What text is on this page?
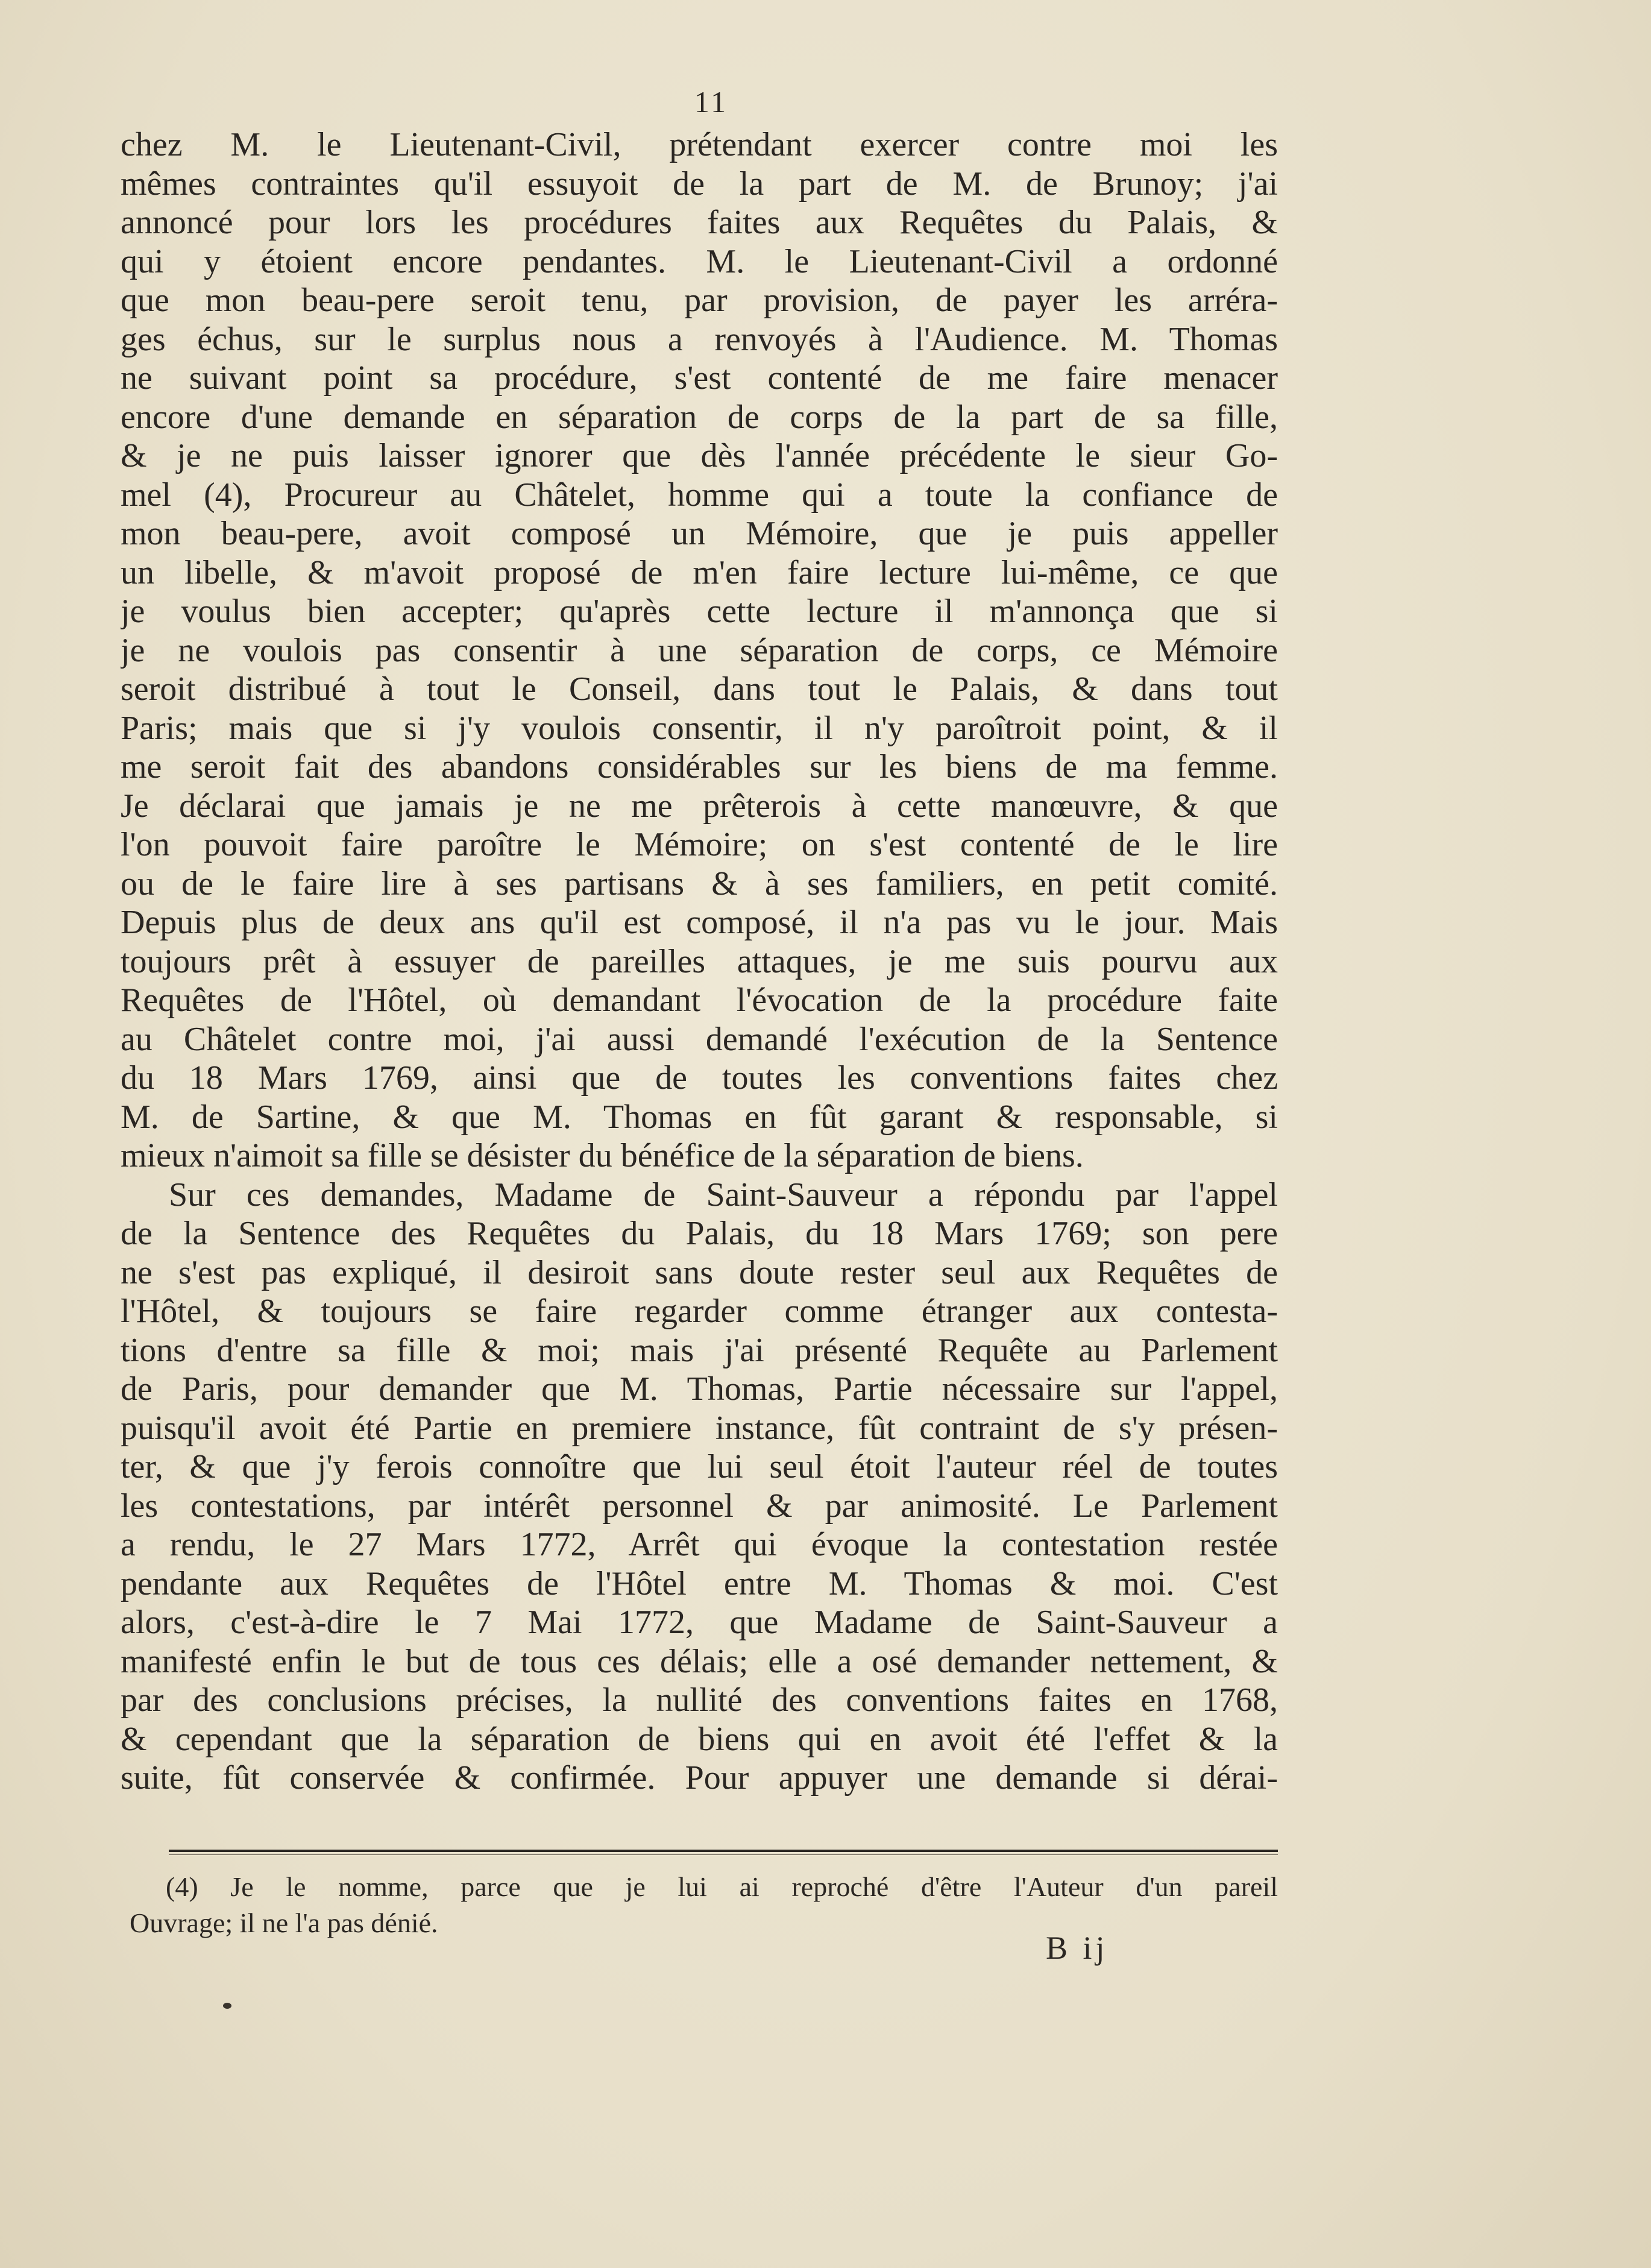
11
chez M. le Lieutenant-Civil, prétendant exercer contre moi les
mêmes contraintes qu'il essuyoit de la part de M. de Brunoy; j'ai
annoncé pour lors les procédures faites aux Requêtes du Palais, &
qui y étoient encore pendantes. M. le Lieutenant-Civil a ordonné
que mon beau-pere seroit tenu, par provision, de payer les arréra-
ges échus, sur le surplus nous a renvoyés à l'Audience. M. Thomas
ne suivant point sa procédure, s'est contenté de me faire menacer
encore d'une demande en séparation de corps de la part de sa fille,
& je ne puis laisser ignorer que dès l'année précédente le sieur Go-
mel (4), Procureur au Châtelet, homme qui a toute la confiance de
mon beau-pere, avoit composé un Mémoire, que je puis appeller
un libelle, & m'avoit proposé de m'en faire lecture lui-même, ce que
je voulus bien accepter; qu'après cette lecture il m'annonça que si
je ne voulois pas consentir à une séparation de corps, ce Mémoire
seroit distribué à tout le Conseil, dans tout le Palais, & dans tout
Paris; mais que si j'y voulois consentir, il n'y paroîtroit point, & il
me seroit fait des abandons considérables sur les biens de ma femme.
Je déclarai que jamais je ne me prêterois à cette manœuvre, & que
l'on pouvoit faire paroître le Mémoire; on s'est contenté de le lire
ou de le faire lire à ses partisans & à ses familiers, en petit comité.
Depuis plus de deux ans qu'il est composé, il n'a pas vu le jour. Mais
toujours prêt à essuyer de pareilles attaques, je me suis pourvu aux
Requêtes de l'Hôtel, où demandant l'évocation de la procédure faite
au Châtelet contre moi, j'ai aussi demandé l'exécution de la Sentence
du 18 Mars 1769, ainsi que de toutes les conventions faites chez
M. de Sartine, & que M. Thomas en fût garant & responsable, si
mieux n'aimoit sa fille se désister du bénéfice de la séparation de biens.
Sur ces demandes, Madame de Saint-Sauveur a répondu par l'appel
de la Sentence des Requêtes du Palais, du 18 Mars 1769; son pere
ne s'est pas expliqué, il desiroit sans doute rester seul aux Requêtes de
l'Hôtel, & toujours se faire regarder comme étranger aux contesta-
tions d'entre sa fille & moi; mais j'ai présenté Requête au Parlement
de Paris, pour demander que M. Thomas, Partie nécessaire sur l'appel,
puisqu'il avoit été Partie en premiere instance, fût contraint de s'y présen-
ter, & que j'y ferois connoître que lui seul étoit l'auteur réel de toutes
les contestations, par intérêt personnel & par animosité. Le Parlement
a rendu, le 27 Mars 1772, Arrêt qui évoque la contestation restée
pendante aux Requêtes de l'Hôtel entre M. Thomas & moi. C'est
alors, c'est-à-dire le 7 Mai 1772, que Madame de Saint-Sauveur a
manifesté enfin le but de tous ces délais; elle a osé demander nettement, &
par des conclusions précises, la nullité des conventions faites en 1768,
& cependant que la séparation de biens qui en avoit été l'effet & la
suite, fût conservée & confirmée. Pour appuyer une demande si dérai-
(4) Je le nomme, parce que je lui ai reproché d'être l'Auteur d'un pareil
Ouvrage; il ne l'a pas dénié.
B ij
